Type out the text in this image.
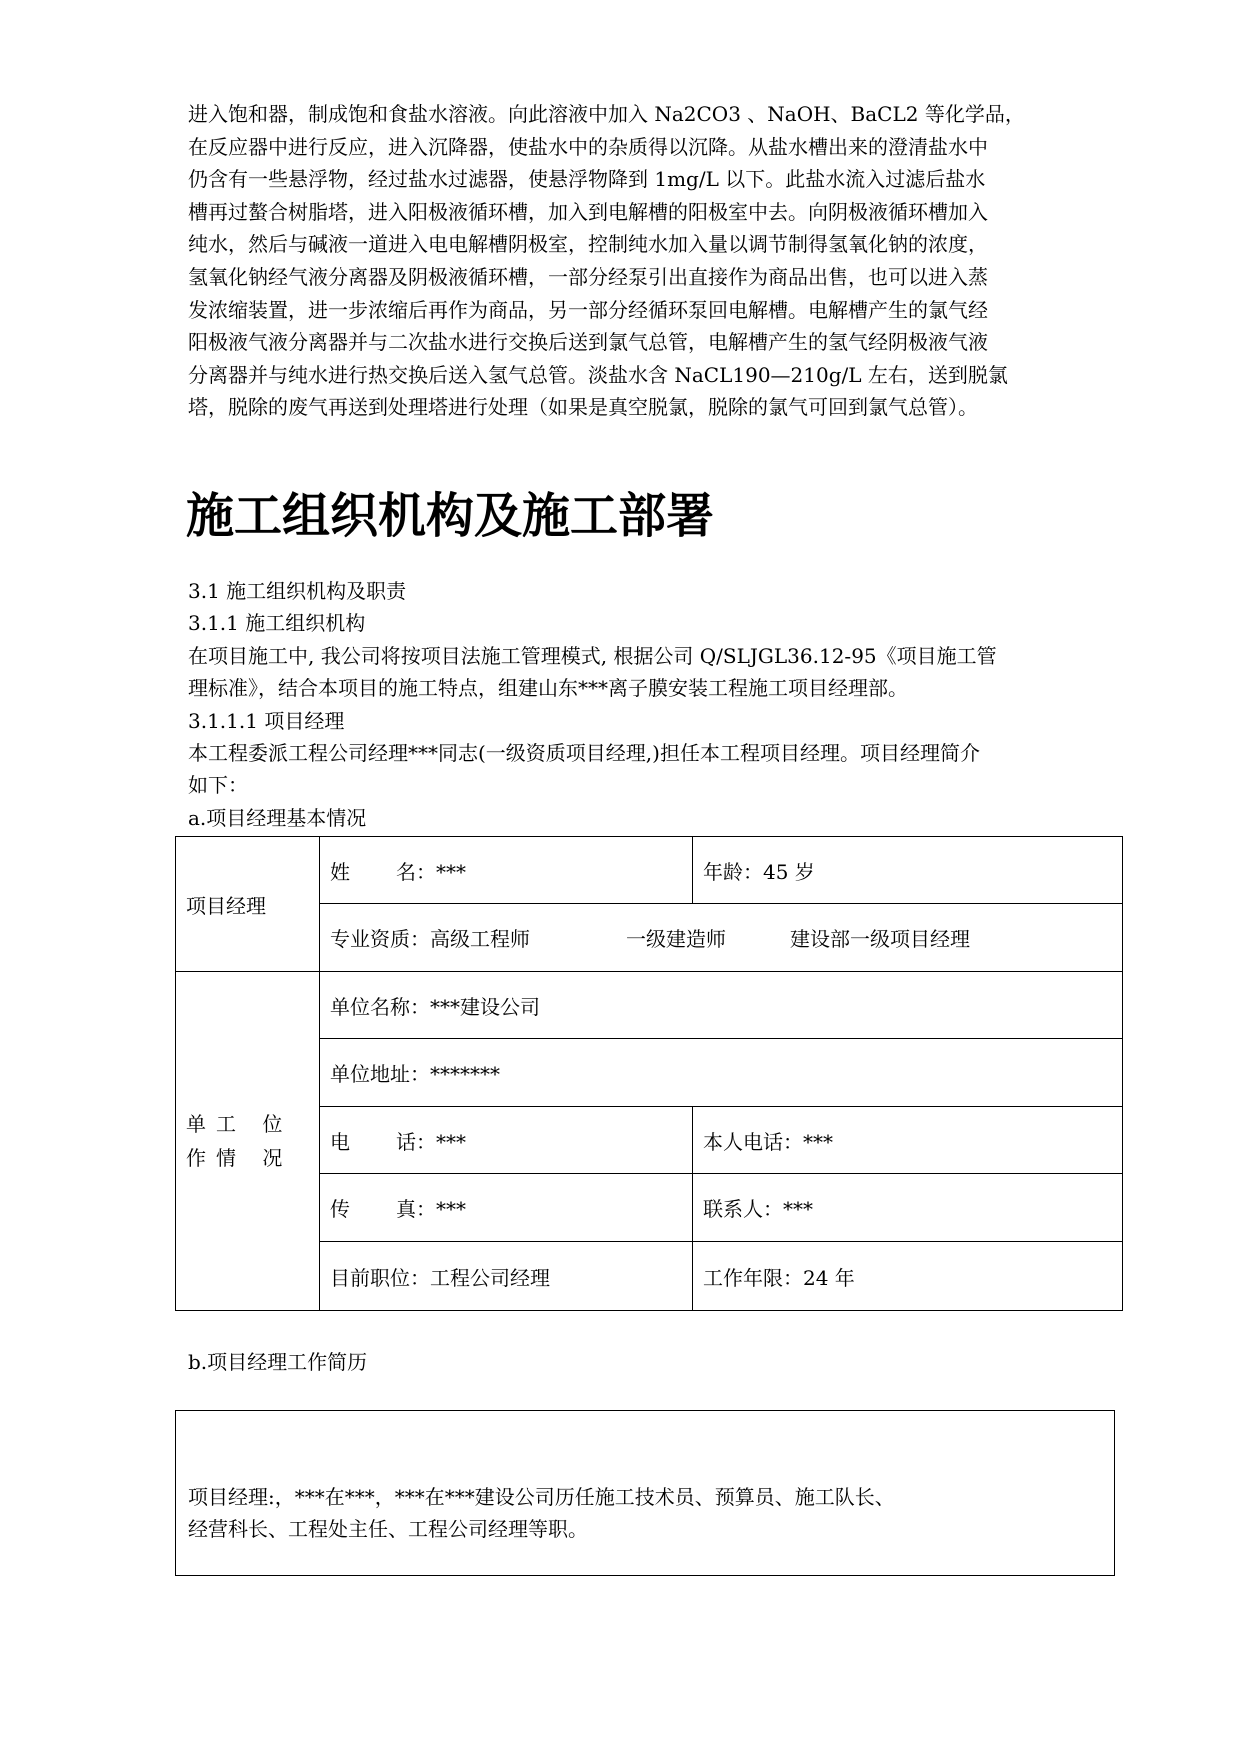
进入饱和器，制成饱和食盐水溶液。向此溶液中加入 Na2CO3 、NaOH、BaCL2 等化学品，
在反应器中进行反应，进入沉降器，使盐水中的杂质得以沉降。从盐水槽出来的澄清盐水中
仍含有一些悬浮物，经过盐水过滤器，使悬浮物降到 1mg/L 以下。此盐水流入过滤后盐水
槽再过螯合树脂塔，进入阳极液循环槽，加入到电解槽的阳极室中去。向阴极液循环槽加入
纯水，然后与碱液一道进入电电解槽阴极室，控制纯水加入量以调节制得氢氧化钠的浓度，
氢氧化钠经气液分离器及阴极液循环槽，一部分经泵引出直接作为商品出售，也可以进入蒸
发浓缩装置，进一步浓缩后再作为商品，另一部分经循环泵回电解槽。电解槽产生的氯气经
阳极液气液分离器并与二次盐水进行交换后送到氯气总管，电解槽产生的氢气经阴极液气液
分离器并与纯水进行热交换后送入氢气总管。淡盐水含 NaCL190—210g/L 左右，送到脱氯
塔，脱除的废气再送到处理塔进行处理（如果是真空脱氯，脱除的氯气可回到氯气总管）。
施工组织机构及施工部署
3.1 施工组织机构及职责
3.1.1 施工组织机构
在项目施工中, 我公司将按项目法施工管理模式, 根据公司 Q/SLJGL36.12-95《项目施工管
理标准》，结合本项目的施工特点，组建山东***离子膜安装工程施工项目经理部。
3.1.1.1 项目经理
本工程委派工程公司经理***同志(一级资质项目经理,)担任本工程项目经理。项目经理简介
如下：
a.项目经理基本情况
项目经理	姓 名：***	年龄：45 岁
	专业资质：高级工程师 一级建造师 建设部一级项目经理	
单工 位作情 况	单位名称：***建设公司	
	单位地址：*******	
	电 话：***	本人电话：***
	传 真：***	联系人：***
	目前职位：工程公司经理	工作年限：24 年
b.项目经理工作简历
项目经理:，***在***，***在***建设公司历任施工技术员、预算员、施工队长、
经营科长、工程处主任、工程公司经理等职。
